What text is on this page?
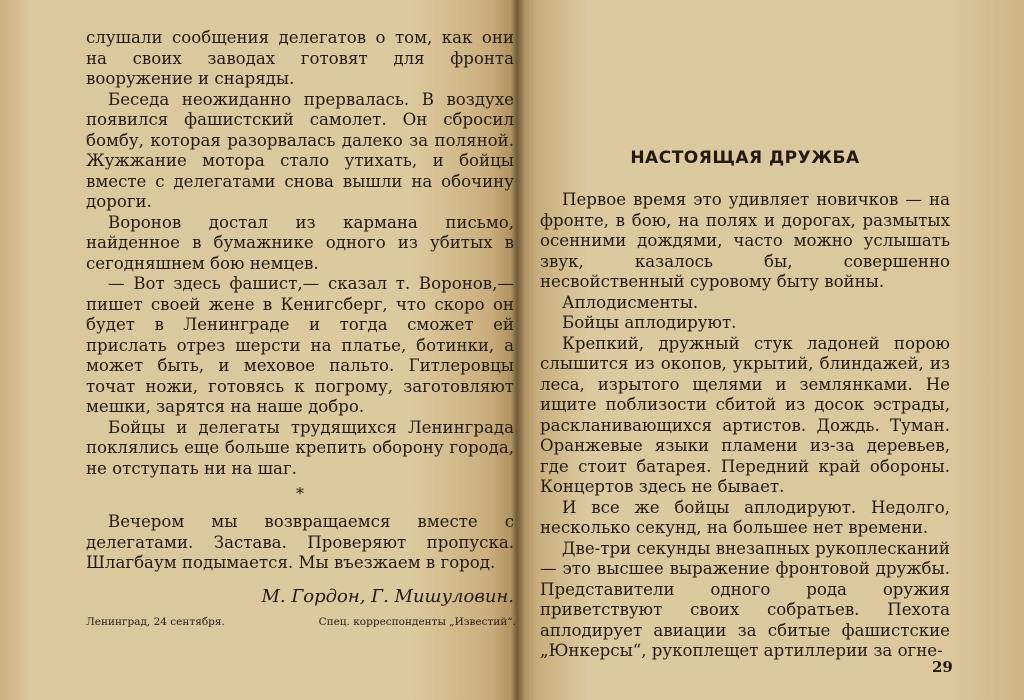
слушали сообщения делегатов о том, как они на своих заводах готовят для фронта вооружение и снаряды.

Беседа неожиданно прервалась. В воздухе появился фашистский самолет. Он сбросил бомбу, которая разорвалась далеко за поляной. Жужжание мотора стало утихать, и бойцы вместе с делегатами снова вышли на обочину дороги.

Воронов достал из кармана письмо, найденное в бумажнике одного из убитых в сегодняшнем бою немцев.

— Вот здесь фашист,— сказал т. Воронов,— пишет своей жене в Кенигсберг, что скоро он будет в Ленинграде и тогда сможет ей прислать отрез шерсти на платье, ботинки, а может быть, и меховое пальто. Гитлеровцы точат ножи, готовясь к погрому, заготовляют мешки, зарятся на наше добро.

Бойцы и делегаты трудящихся Ленинграда поклялись еще больше крепить оборону города, не отступать ни на шаг.

*

Вечером мы возвращаемся вместе с делегатами. Застава. Проверяют пропуска. Шлагбаум подымается. Мы въезжаем в город.

М. Гордон, Г. Мишуловин.
Ленинград, 24 сентября.	Спец. корреспонденты „Известий“.
НАСТОЯЩАЯ ДРУЖБА

Первое время это удивляет новичков — на фронте, в бою, на полях и дорогах, размытых осенними дождями, часто можно услышать звук, казалось бы, совершенно несвойственный суровому быту войны.

Аплодисменты.

Бойцы аплодируют.

Крепкий, дружный стук ладоней порою слышится из окопов, укрытий, блиндажей, из леса, изрытого щелями и землянками. Не ищите поблизости сбитой из досок эстрады, раскланивающихся артистов. Дождь. Туман. Оранжевые языки пламени из-за деревьев, где стоит батарея. Передний край обороны. Концертов здесь не бывает.

И все же бойцы аплодируют. Недолго, несколько секунд, на большее нет времени.

Две-три секунды внезапных рукоплесканий — это высшее выражение фронтовой дружбы. Представители одного рода оружия приветствуют своих собратьев. Пехота аплодирует авиации за сбитые фашистские „Юнкерсы“, рукоплещет артиллерии за огне-

29
